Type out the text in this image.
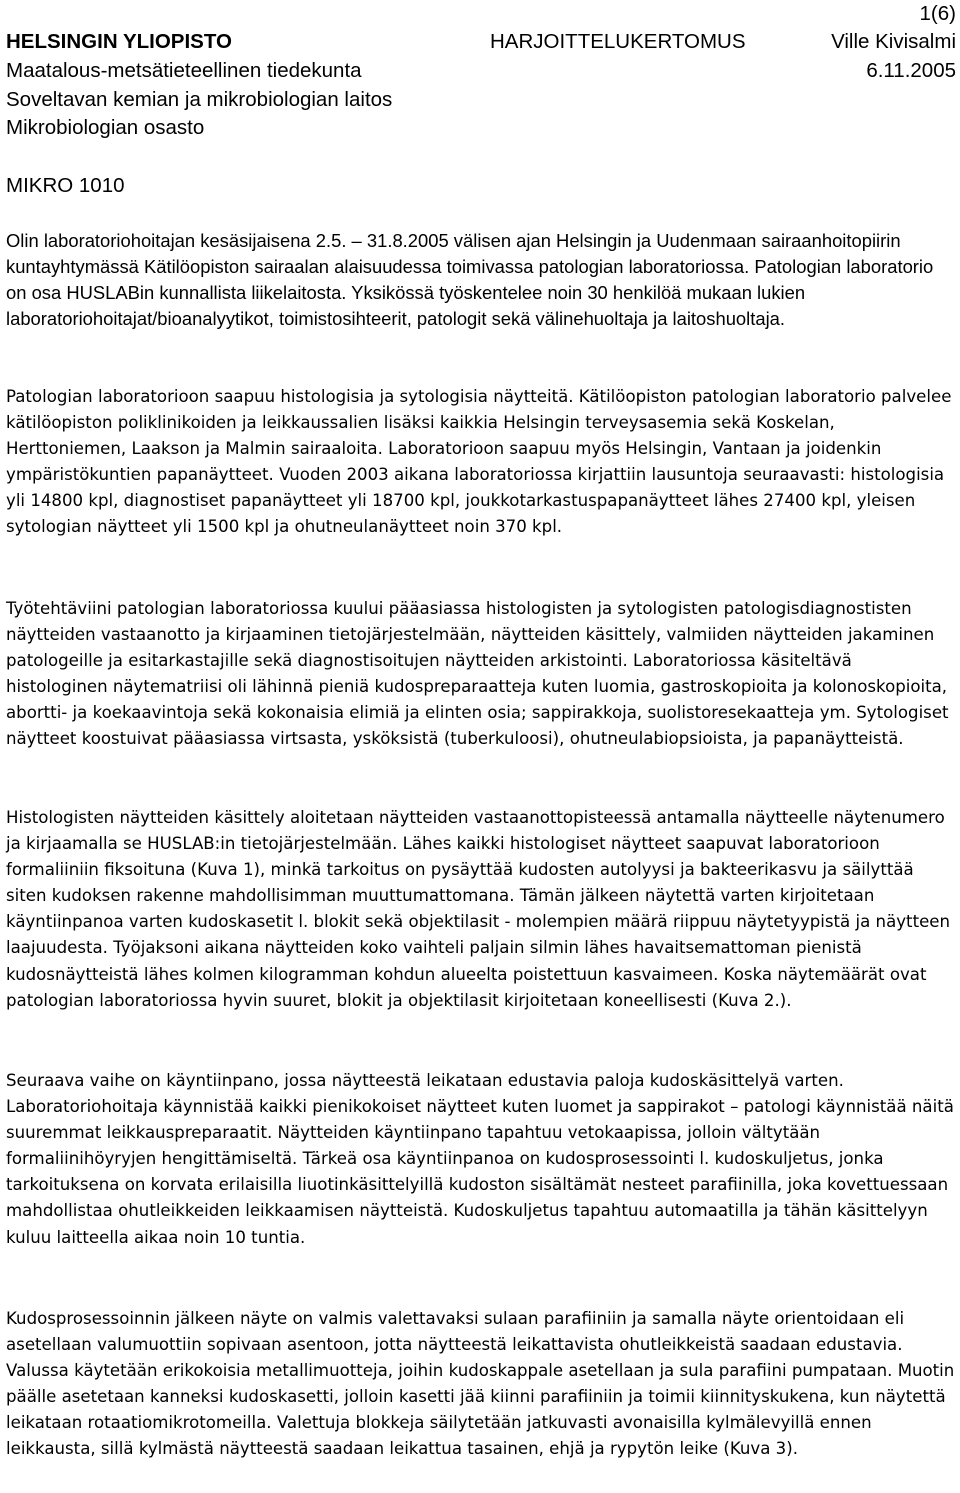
1(6)
HELSINGIN YLIOPISTO	HARJOITTELUKERTOMUS	Ville Kivisalmi
Maatalous-metsätieteellinen tiedekunta	6.11.2005
Soveltavan kemian ja mikrobiologian laitos
Mikrobiologian osasto
MIKRO 1010

Olin laboratoriohoitajan kesäsijaisena 2.5. – 31.8.2005 välisen ajan Helsingin ja Uudenmaan sairaanhoitopiirin kuntayhtymässä Kätilöopiston sairaalan alaisuudessa toimivassa patologian laboratoriossa. Patologian laboratorio on osa HUSLABin kunnallista liikelaitosta. Yksikössä työskentelee noin 30 henkilöä mukaan lukien laboratoriohoitajat/bioanalyytikot, toimistosihteerit, patologit sekä välinehuoltaja ja laitoshuoltaja.

Patologian laboratorioon saapuu histologisia ja sytologisia näytteitä. Kätilöopiston patologian laboratorio palvelee kätilöopiston poliklinikoiden ja leikkaussalien lisäksi kaikkia Helsingin terveysasemia sekä Koskelan, Herttoniemen, Laakson ja Malmin sairaaloita. Laboratorioon saapuu myös Helsingin, Vantaan ja joidenkin ympäristökuntien papanäytteet. Vuoden 2003 aikana laboratoriossa kirjattiin lausuntoja seuraavasti: histologisia yli 14800 kpl, diagnostiset papanäytteet yli 18700 kpl, joukkotarkastuspapanäytteet lähes 27400 kpl, yleisen sytologian näytteet yli 1500 kpl ja ohutneulanäytteet noin 370 kpl.

Työtehtäviini patologian laboratoriossa kuului pääasiassa histologisten ja sytologisten patologisdiagnostisten näytteiden vastaanotto ja kirjaaminen tietojärjestelmään, näytteiden käsittely, valmiiden näytteiden jakaminen patologeille ja esitarkastajille sekä diagnostisoitujen näytteiden arkistointi. Laboratoriossa käsiteltävä histologinen näytematriisi oli lähinnä pieniä kudospreparaatteja kuten luomia, gastroskopioita ja kolonoskopioita, abortti- ja koekaavintoja sekä kokonaisia elimiä ja elinten osia; sappirakkoja, suolistoresekaatteja ym. Sytologiset näytteet koostuivat pääasiassa virtsasta, ysköksistä (tuberkuloosi), ohutneulabiopsioista, ja papanäytteistä.

Histologisten näytteiden käsittely aloitetaan näytteiden vastaanottopisteessä antamalla näytteelle näytenumero ja kirjaamalla se HUSLAB:in tietojärjestelmään. Lähes kaikki histologiset näytteet saapuvat laboratorioon formaliiniin fiksoituna (Kuva 1), minkä tarkoitus on pysäyttää kudosten autolyysi ja bakteerikasvu ja säilyttää siten kudoksen rakenne mahdollisimman muuttumattomana. Tämän jälkeen näytettä varten kirjoitetaan käyntiinpanoa varten kudoskasetit l. blokit sekä objektilasit - molempien määrä riippuu näytetyypistä ja näytteen laajuudesta. Työjaksoni aikana näytteiden koko vaihteli paljain silmin lähes havaitsemattoman pienistä kudosnäytteistä lähes kolmen kilogramman kohdun alueelta poistettuun kasvaimeen. Koska näytemäärät ovat patologian laboratoriossa hyvin suuret, blokit ja objektilasit kirjoitetaan koneellisesti (Kuva 2.).

Seuraava vaihe on käyntiinpano, jossa näytteestä leikataan edustavia paloja kudoskäsittelyä varten. Laboratoriohoitaja käynnistää kaikki pienikokoiset näytteet kuten luomet ja sappirakot – patologi käynnistää näitä suuremmat leikkauspreparaatit. Näytteiden käyntiinpano tapahtuu vetokaapissa, jolloin vältytään formaliinihöyryjen hengittämiseltä. Tärkeä osa käyntiinpanoa on kudosprosessointi l. kudoskuljetus, jonka tarkoituksena on korvata erilaisilla liuotinkäsittelyillä kudoston sisältämät nesteet parafiinilla, joka kovettuessaan mahdollistaa ohutleikkeiden leikkaamisen näytteistä. Kudoskuljetus tapahtuu automaatilla ja tähän käsittelyyn kuluu laitteella aikaa noin 10 tuntia.

Kudosprosessoinnin jälkeen näyte on valmis valettavaksi sulaan parafiiniin ja samalla näyte orientoidaan eli asetellaan valumuottiin sopivaan asentoon, jotta näytteestä leikattavista ohutleikkeistä saadaan edustavia. Valussa käytetään erikokoisia metallimuotteja, joihin kudoskappale asetellaan ja sula parafiini pumpataan. Muotin päälle asetetaan kanneksi kudoskasetti, jolloin kasetti jää kiinni parafiiniin ja toimii kiinnityskukena, kun näytettä leikataan rotaatiomikrotomeilla. Valettuja blokkeja säilytetään jatkuvasti avonaisilla kylmälevyillä ennen leikkausta, sillä kylmästä näytteestä saadaan leikattua tasainen, ehjä ja rypytön leike (Kuva 3).
